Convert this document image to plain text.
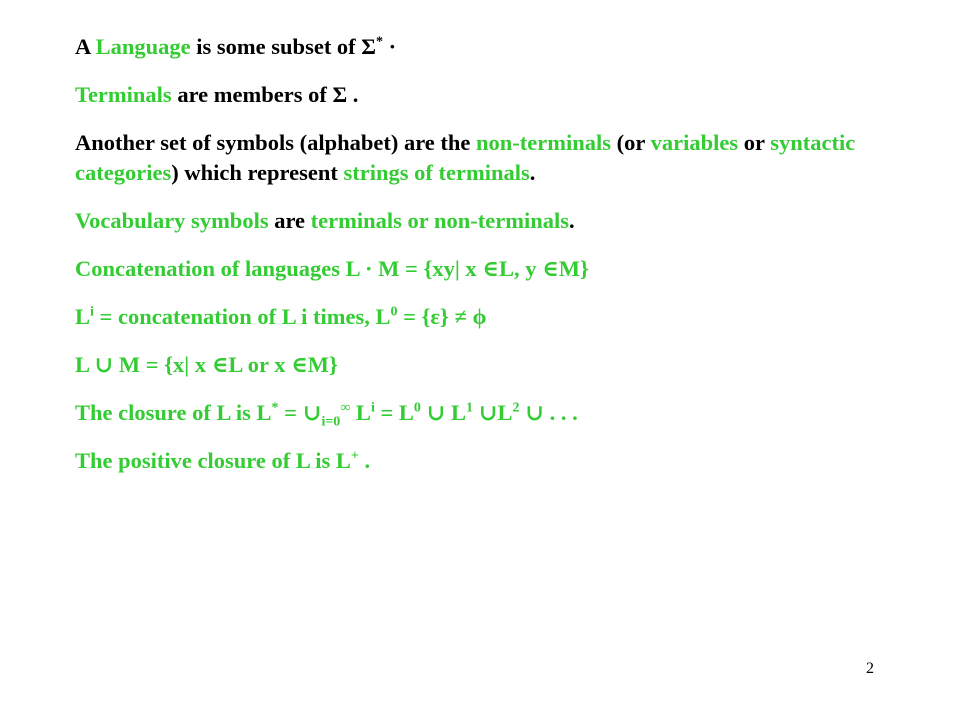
A Language is some subset of Σ* ·
Terminals are members of Σ .
Another set of symbols (alphabet) are the non-terminals (or variables or syntactic categories) which represent strings of terminals.
Vocabulary symbols are terminals or non-terminals.
Concatenation of languages L · M = {xy| x ∈L, y ∈M}
$L^i$ = concatenation of L i times, $L^0 = \{\varepsilon\} \ne \phi$
L ∪ M = {x| x ∈L or x ∈M}
The closure of L is $L^* = \cup_{i=0}^\infty$ $L^i = L^0$ ∪ $L^1$ $\cup L^2$ ∪ . . .
The positive closure of L is L+ .
2
